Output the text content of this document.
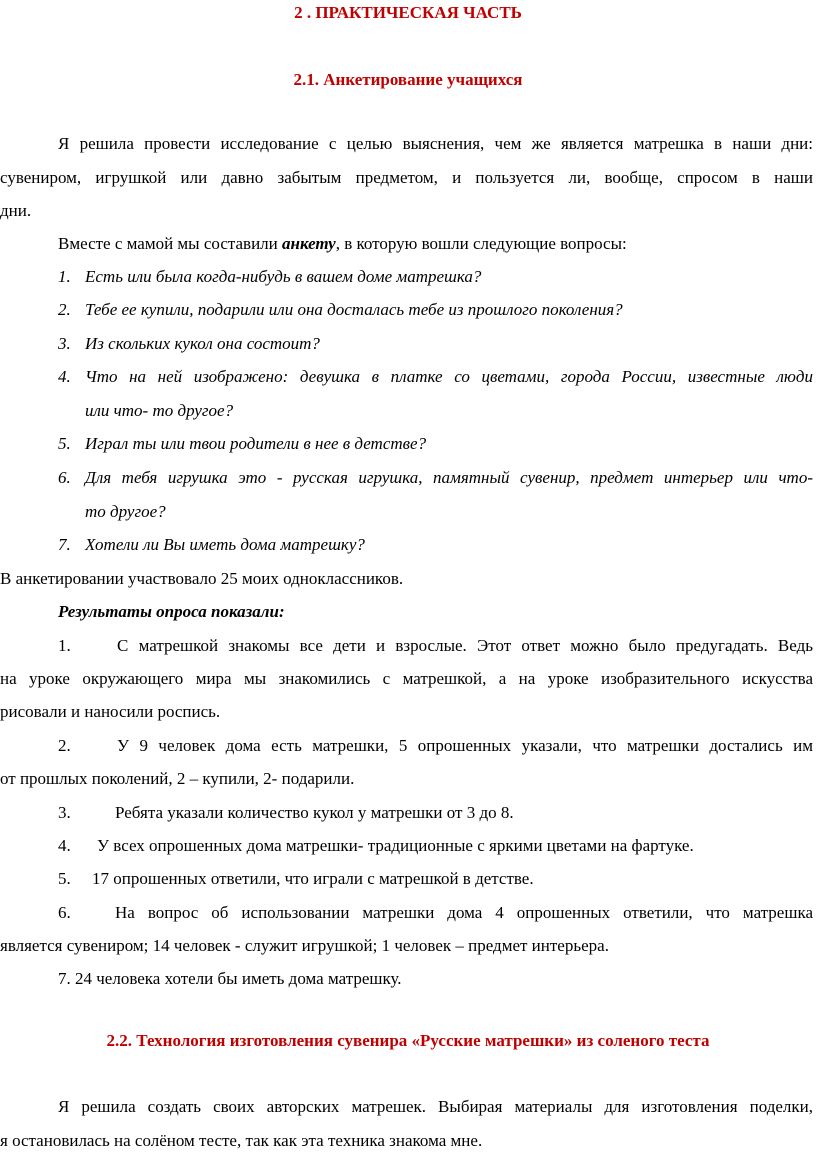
2 . ПРАКТИЧЕСКАЯ ЧАСТЬ
2.1. Анкетирование учащихся
Я решила провести исследование с целью выяснения, чем же является матрешка в наши дни:
сувениром, игрушкой или давно забытым предметом, и пользуется ли, вообще, спросом в наши
дни.
Вместе с мамой мы составили анкету, в которую вошли следующие вопросы:
1. Есть или была когда-нибудь в вашем доме матрешка?
2. Тебе ее купили, подарили или она досталась тебе из прошлого поколения?
3. Из скольких кукол она состоит?
4. Что на ней изображено: девушка в платке со цветами, города России, известные люди
или что- то другое?
5. Играл ты или твои родители в нее в детстве?
6. Для тебя игрушка это - русская игрушка, памятный сувенир, предмет интерьер или что-
то другое?
7. Хотели ли Вы иметь дома матрешку?
В анкетировании участвовало 25 моих одноклассников.
Результаты опроса показали:
1.	С матрешкой знакомы все дети и взрослые. Этот ответ можно было предугадать. Ведь
на уроке окружающего мира мы знакомились с матрешкой, а на уроке изобразительного искусства
рисовали и наносили роспись.
2.	У 9 человек дома есть матрешки, 5 опрошенных указали, что матрешки достались им
от прошлых поколений, 2 – купили, 2- подарили.
3.	Ребята указали количество кукол у матрешки от 3 до 8.
4. У всех опрошенных дома матрешки- традиционные с яркими цветами на фартуке.
5. 17 опрошенных ответили, что играли с матрешкой в детстве.
6.	На вопрос об использовании матрешки дома 4 опрошенных ответили, что матрешка
является сувениром; 14 человек - служит игрушкой; 1 человек – предмет интерьера.
7. 24 человека хотели бы иметь дома матрешку.
2.2. Технология изготовления сувенира «Русские матрешки» из соленого теста
Я решила создать своих авторских матрешек. Выбирая материалы для изготовления поделки,
я остановилась на солёном тесте, так как эта техника знакома мне.
